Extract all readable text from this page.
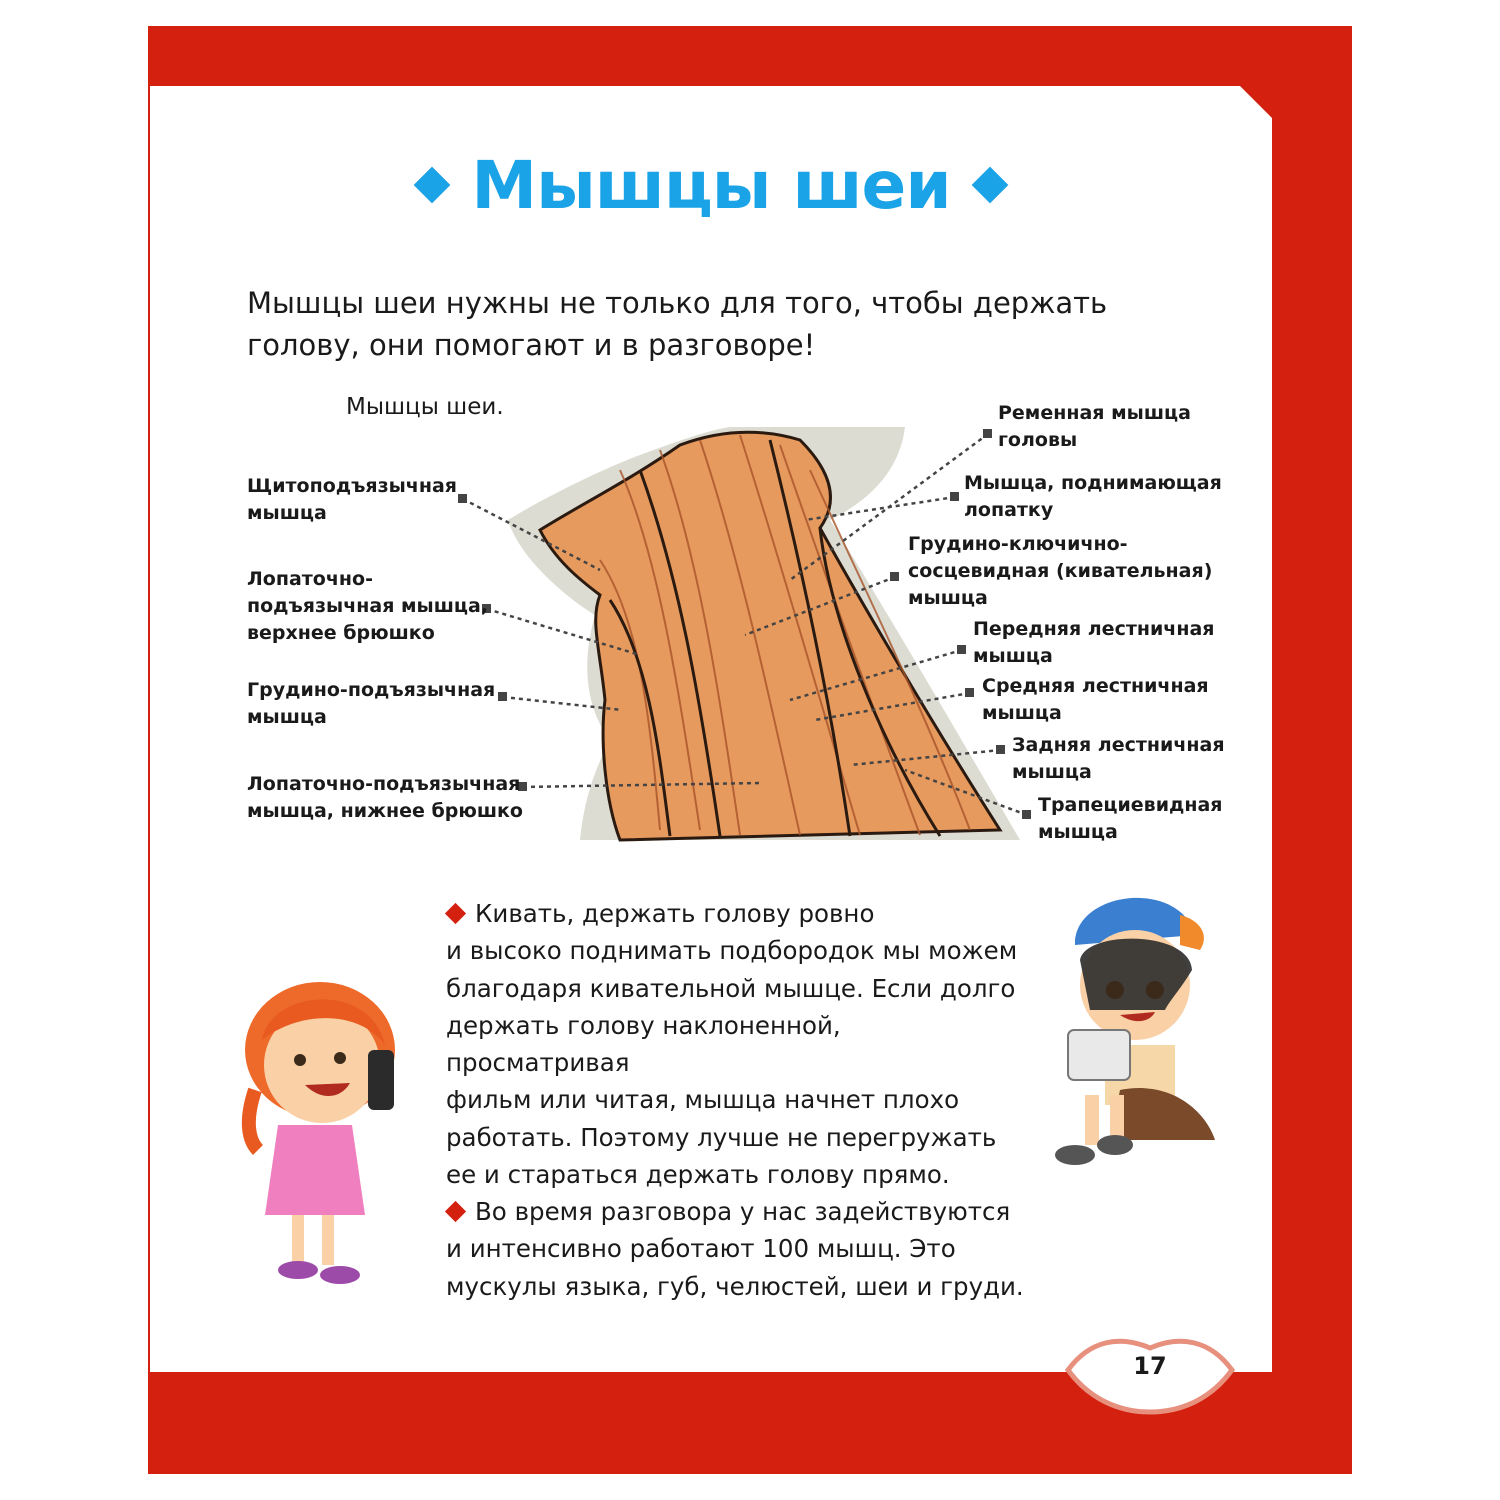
Мышцы шеи
Мышцы шеи нужны не только для того, чтобы держать голову, они помогают и в разговоре!
Мышцы шеи.
Щитоподъязычная
мышца
Лопаточно-
подъязычная мышца,
верхнее брюшко
Грудино-подъязычная
мышца
Лопаточно-подъязычная
мышца, нижнее брюшко
Ременная мышца
головы
Мышца, поднимающая
лопатку
Грудино-ключично-
сосцевидная (кивательная)
мышца
Передняя лестничная
мышца
Средняя лестничная
мышца
Задняя лестничная
мышца
Трапециевидная
мышца
Кивать, держать голову ровно
и высоко поднимать подбородок мы можем
благодаря кивательной мышце. Если долго
держать голову наклоненной, просматривая
фильм или читая, мышца начнет плохо
работать. Поэтому лучше не перегружать
ее и стараться держать голову прямо.
Во время разговора у нас задействуются
и интенсивно работают 100 мышц. Это
мускулы языка, губ, челюстей, шеи и груди.
17
